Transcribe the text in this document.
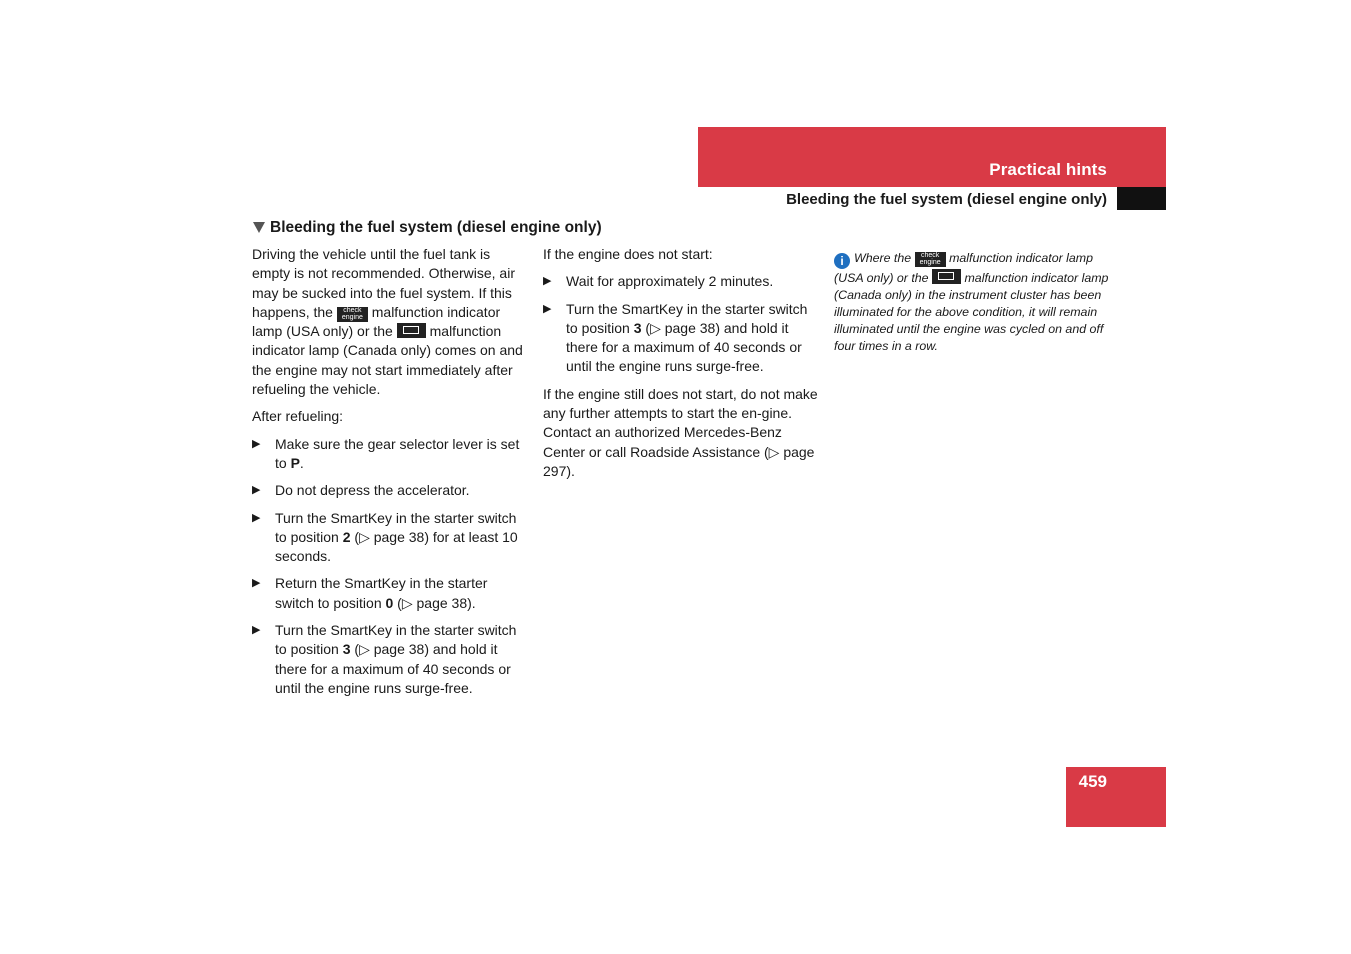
Practical hints
Bleeding the fuel system (diesel engine only)
Bleeding the fuel system (diesel engine only)

Driving the vehicle until the fuel tank is empty is not recommended. Otherwise, air may be sucked into the fuel system. If this happens, the	check
engine malfunction indicator lamp (USA only) or the	malfunction indicator lamp (Canada only) comes on and the engine may not start immediately after refueling the vehicle.

After refueling:

▶ Make sure the gear selector lever is set to P.
▶ Do not depress the accelerator.
▶ Turn the SmartKey in the starter switch to position 2 (▷ page 38) for at least 10 seconds.
▶ Return the SmartKey in the starter switch to position 0 (▷ page 38).
▶ Turn the SmartKey in the starter switch to position 3 (▷ page 38) and hold it there for a maximum of 40 seconds or until the engine runs surge-free.

If the engine does not start:

▶ Wait for approximately 2 minutes.
▶ Turn the SmartKey in the starter switch to position 3 (▷ page 38) and hold it there for a maximum of 40 seconds or until the engine runs surge-free.

If the engine still does not start, do not make any further attempts to start the en-gine. Contact an authorized Mercedes-Benz Center or call Roadside Assistance (▷ page 297).

i Where the	check
engine malfunction indicator lamp (USA only) or the	malfunction indicator lamp (Canada only) in the instrument cluster has been illuminated for the above condition, it will remain illuminated until the engine was cycled on and off four times in a row.
459
